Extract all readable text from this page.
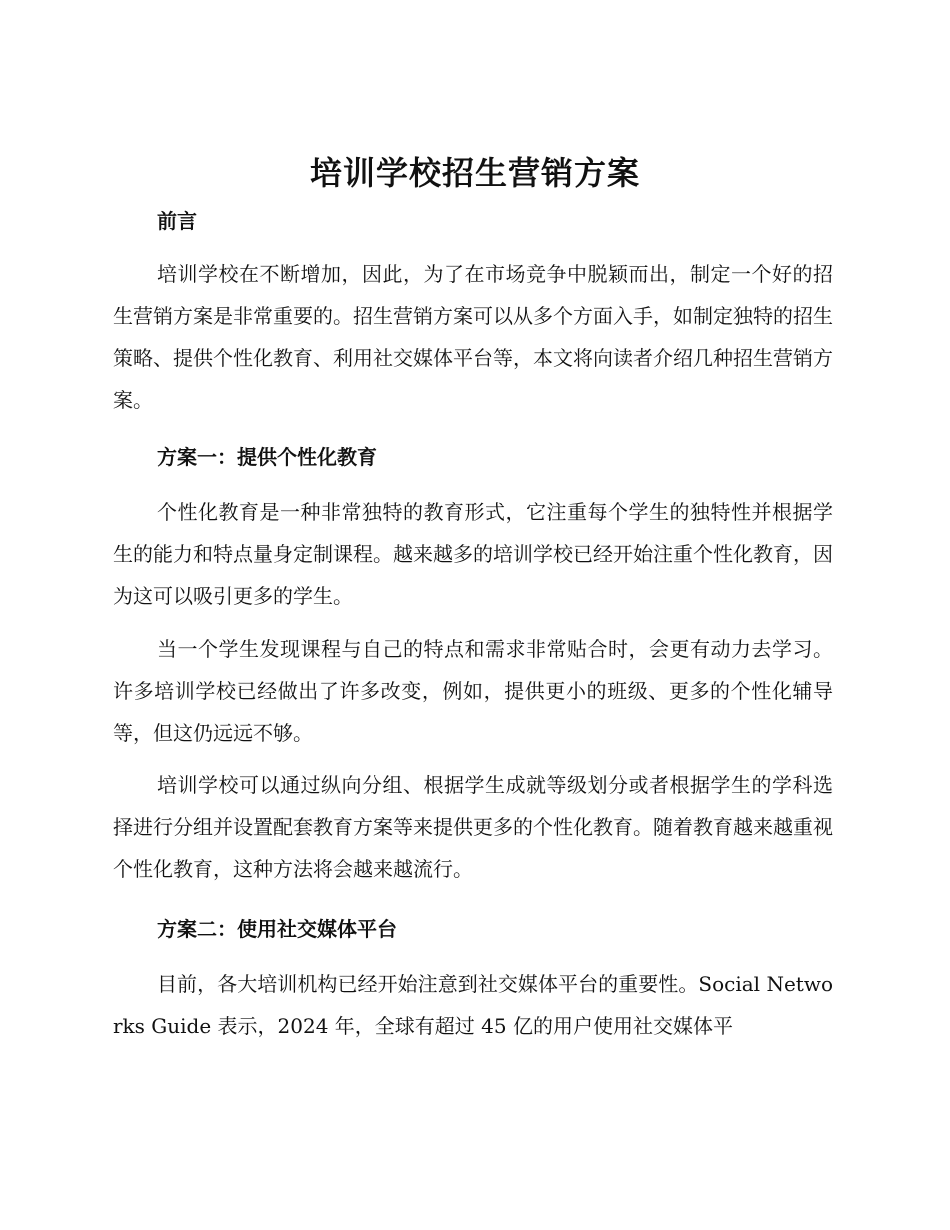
培训学校招生营销方案
前言

培训学校在不断增加，因此，为了在市场竞争中脱颖而出，制定一个好的招生营销方案是非常重要的。招生营销方案可以从多个方面入手，如制定独特的招生策略、提供个性化教育、利用社交媒体平台等，本文将向读者介绍几种招生营销方案。

方案一：提供个性化教育

个性化教育是一种非常独特的教育形式，它注重每个学生的独特性并根据学生的能力和特点量身定制课程。越来越多的培训学校已经开始注重个性化教育，因为这可以吸引更多的学生。

当一个学生发现课程与自己的特点和需求非常贴合时，会更有动力去学习。许多培训学校已经做出了许多改变，例如，提供更小的班级、更多的个性化辅导等，但这仍远远不够。

培训学校可以通过纵向分组、根据学生成就等级划分或者根据学生的学科选择进行分组并设置配套教育方案等来提供更多的个性化教育。随着教育越来越重视个性化教育，这种方法将会越来越流行。

方案二：使用社交媒体平台

目前，各大培训机构已经开始注意到社交媒体平台的重要性。Social Networks Guide 表示，2024 年，全球有超过 45 亿的用户使用社交媒体平
